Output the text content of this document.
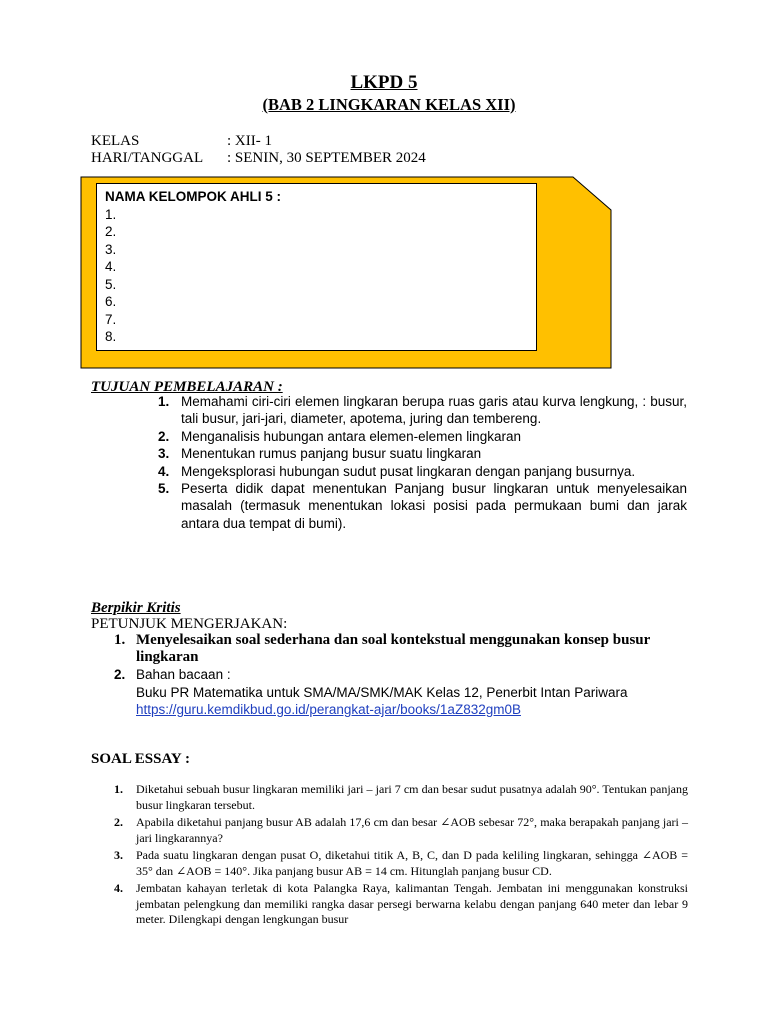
LKPD 5
(BAB 2 LINGKARAN KELAS XII)
KELAS	: XII- 1
HARI/TANGGAL : SENIN, 30 SEPTEMBER 2024
NAMA KELOMPOK AHLI 5 :
1.
2.
3.
4.
5.
6.
7.
8.
TUJUAN PEMBELAJARAN :
1. Memahami ciri-ciri elemen lingkaran berupa ruas garis atau kurva lengkung, : busur, tali busur, jari-jari, diameter, apotema, juring dan tembereng.
2. Menganalisis hubungan antara elemen-elemen lingkaran
3. Menentukan rumus panjang busur suatu lingkaran
4. Mengeksplorasi hubungan sudut pusat lingkaran dengan panjang busurnya.
5. Peserta didik dapat menentukan Panjang busur lingkaran untuk menyelesaikan masalah (termasuk menentukan lokasi posisi pada permukaan bumi dan jarak antara dua tempat di bumi).
Berpikir Kritis
PETUNJUK MENGERJAKAN:
1. Menyelesaikan soal sederhana dan soal kontekstual menggunakan konsep busur lingkaran
2. Bahan bacaan :
Buku PR Matematika untuk SMA/MA/SMK/MAK Kelas 12, Penerbit Intan Pariwara
https://guru.kemdikbud.go.id/perangkat-ajar/books/1aZ832gm0B
SOAL ESSAY :
1. Diketahui sebuah busur lingkaran memiliki jari – jari 7 cm dan besar sudut pusatnya adalah 90°. Tentukan panjang busur lingkaran tersebut.
2. Apabila diketahui panjang busur AB adalah 17,6 cm dan besar ∠AOB sebesar 72°, maka berapakah panjang jari – jari lingkarannya?
3. Pada suatu lingkaran dengan pusat O, diketahui titik A, B, C, dan D pada keliling lingkaran, sehingga ∠AOB = 35° dan ∠AOB = 140°. Jika panjang busur AB = 14 cm. Hitunglah panjang busur CD.
4. Jembatan kahayan terletak di kota Palangka Raya, kalimantan Tengah. Jembatan ini menggunakan konstruksi jembatan pelengkung dan memiliki rangka dasar persegi berwarna kelabu dengan panjang 640 meter dan lebar 9 meter. Dilengkapi dengan lengkungan busur
